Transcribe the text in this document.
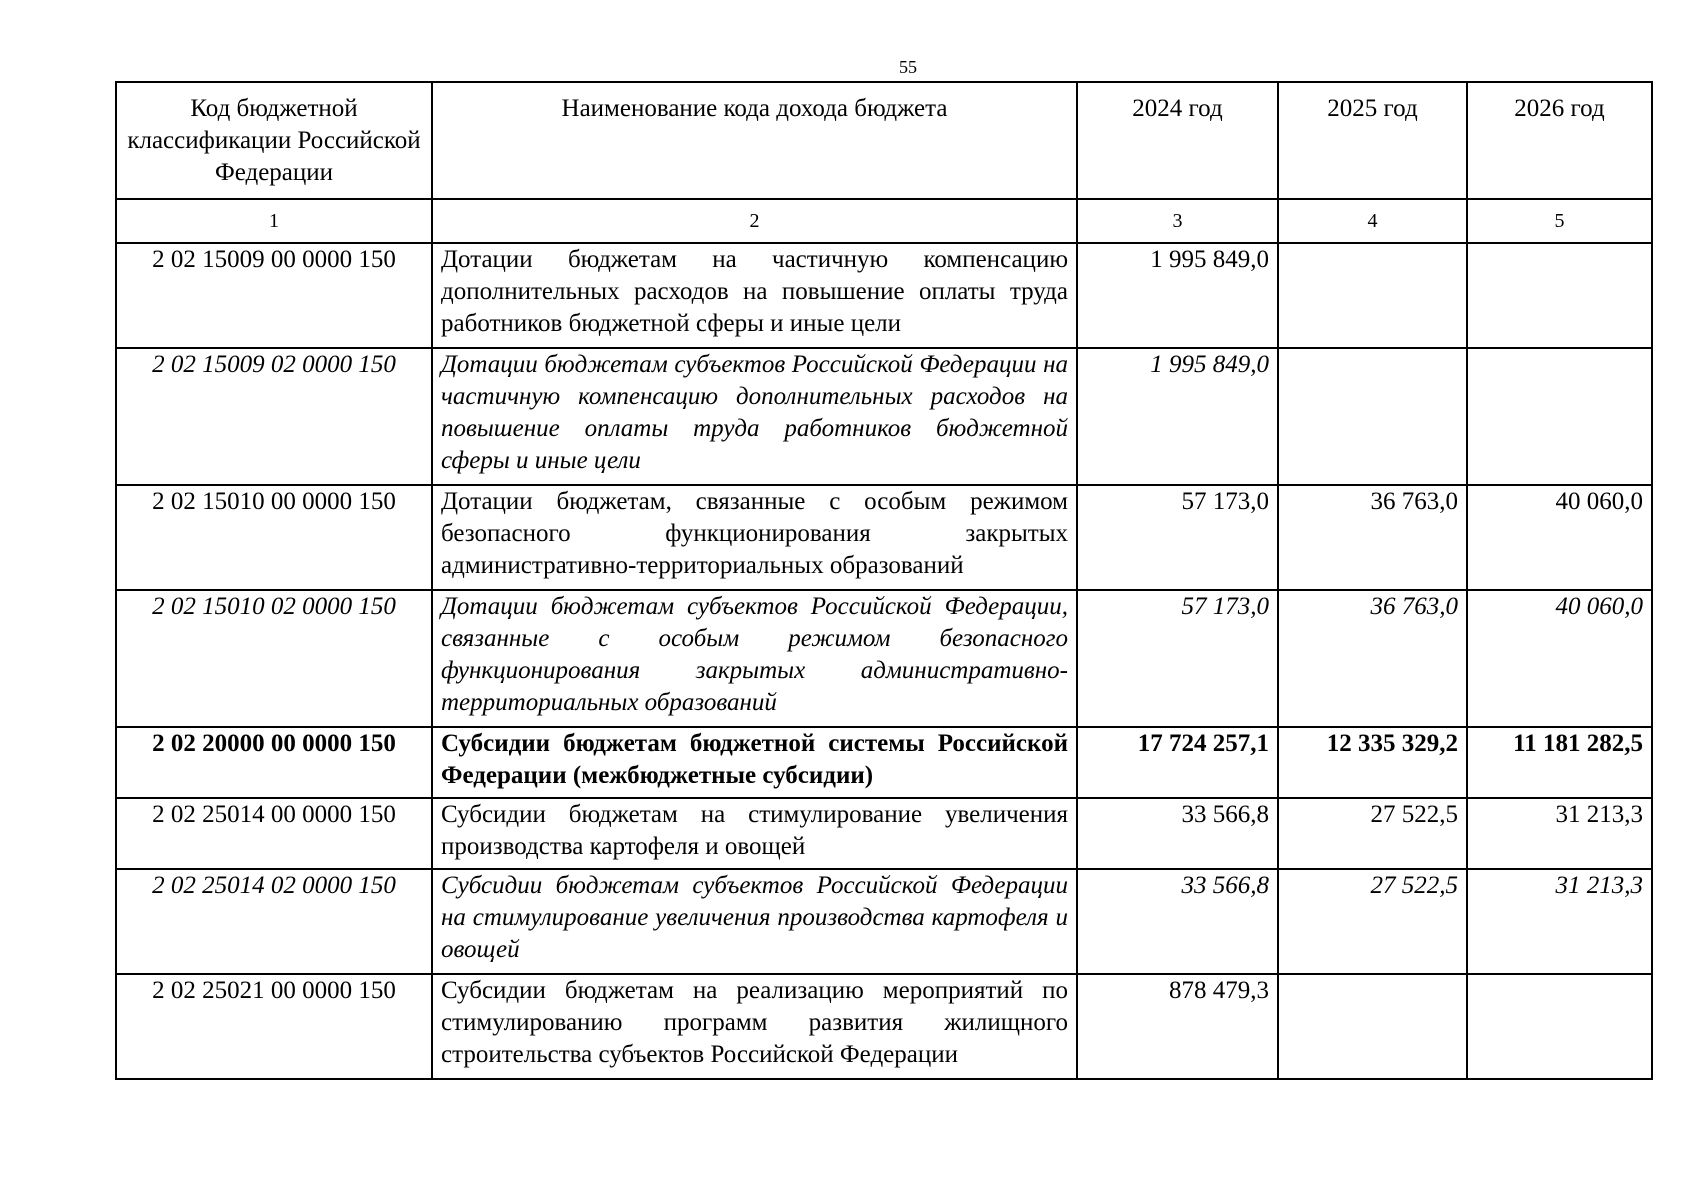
55
Код бюджетной классификации Российской Федерации	Наименование кода дохода бюджета	2024 год	2025 год	2026 год
1	2	3	4	5
2 02 15009 00 0000 150	Дотации бюджетам на частичную компенсацию дополнительных расходов на повышение оплаты труда работников бюджетной сферы и иные цели	1 995 849,0		
2 02 15009 02 0000 150	Дотации бюджетам субъектов Российской Федерации на частичную компенсацию дополнительных расходов на повышение оплаты труда работников бюджетной сферы и иные цели	1 995 849,0		
2 02 15010 00 0000 150	Дотации бюджетам, связанные с особым режимом безопасного функционирования закрытых административно-территориальных образований	57 173,0	36 763,0	40 060,0
2 02 15010 02 0000 150	Дотации бюджетам субъектов Российской Федерации, связанные с особым режимом безопасного функционирования закрытых административно-территориальных образований	57 173,0	36 763,0	40 060,0
2 02 20000 00 0000 150	Субсидии бюджетам бюджетной системы Российской Федерации (межбюджетные субсидии)	17 724 257,1	12 335 329,2	11 181 282,5
2 02 25014 00 0000 150	Субсидии бюджетам на стимулирование увеличения производства картофеля и овощей	33 566,8	27 522,5	31 213,3
2 02 25014 02 0000 150	Субсидии бюджетам субъектов Российской Федерации на стимулирование увеличения производства картофеля и овощей	33 566,8	27 522,5	31 213,3
2 02 25021 00 0000 150	Субсидии бюджетам на реализацию мероприятий по стимулированию программ развития жилищного строительства субъектов Российской Федерации	878 479,3		
